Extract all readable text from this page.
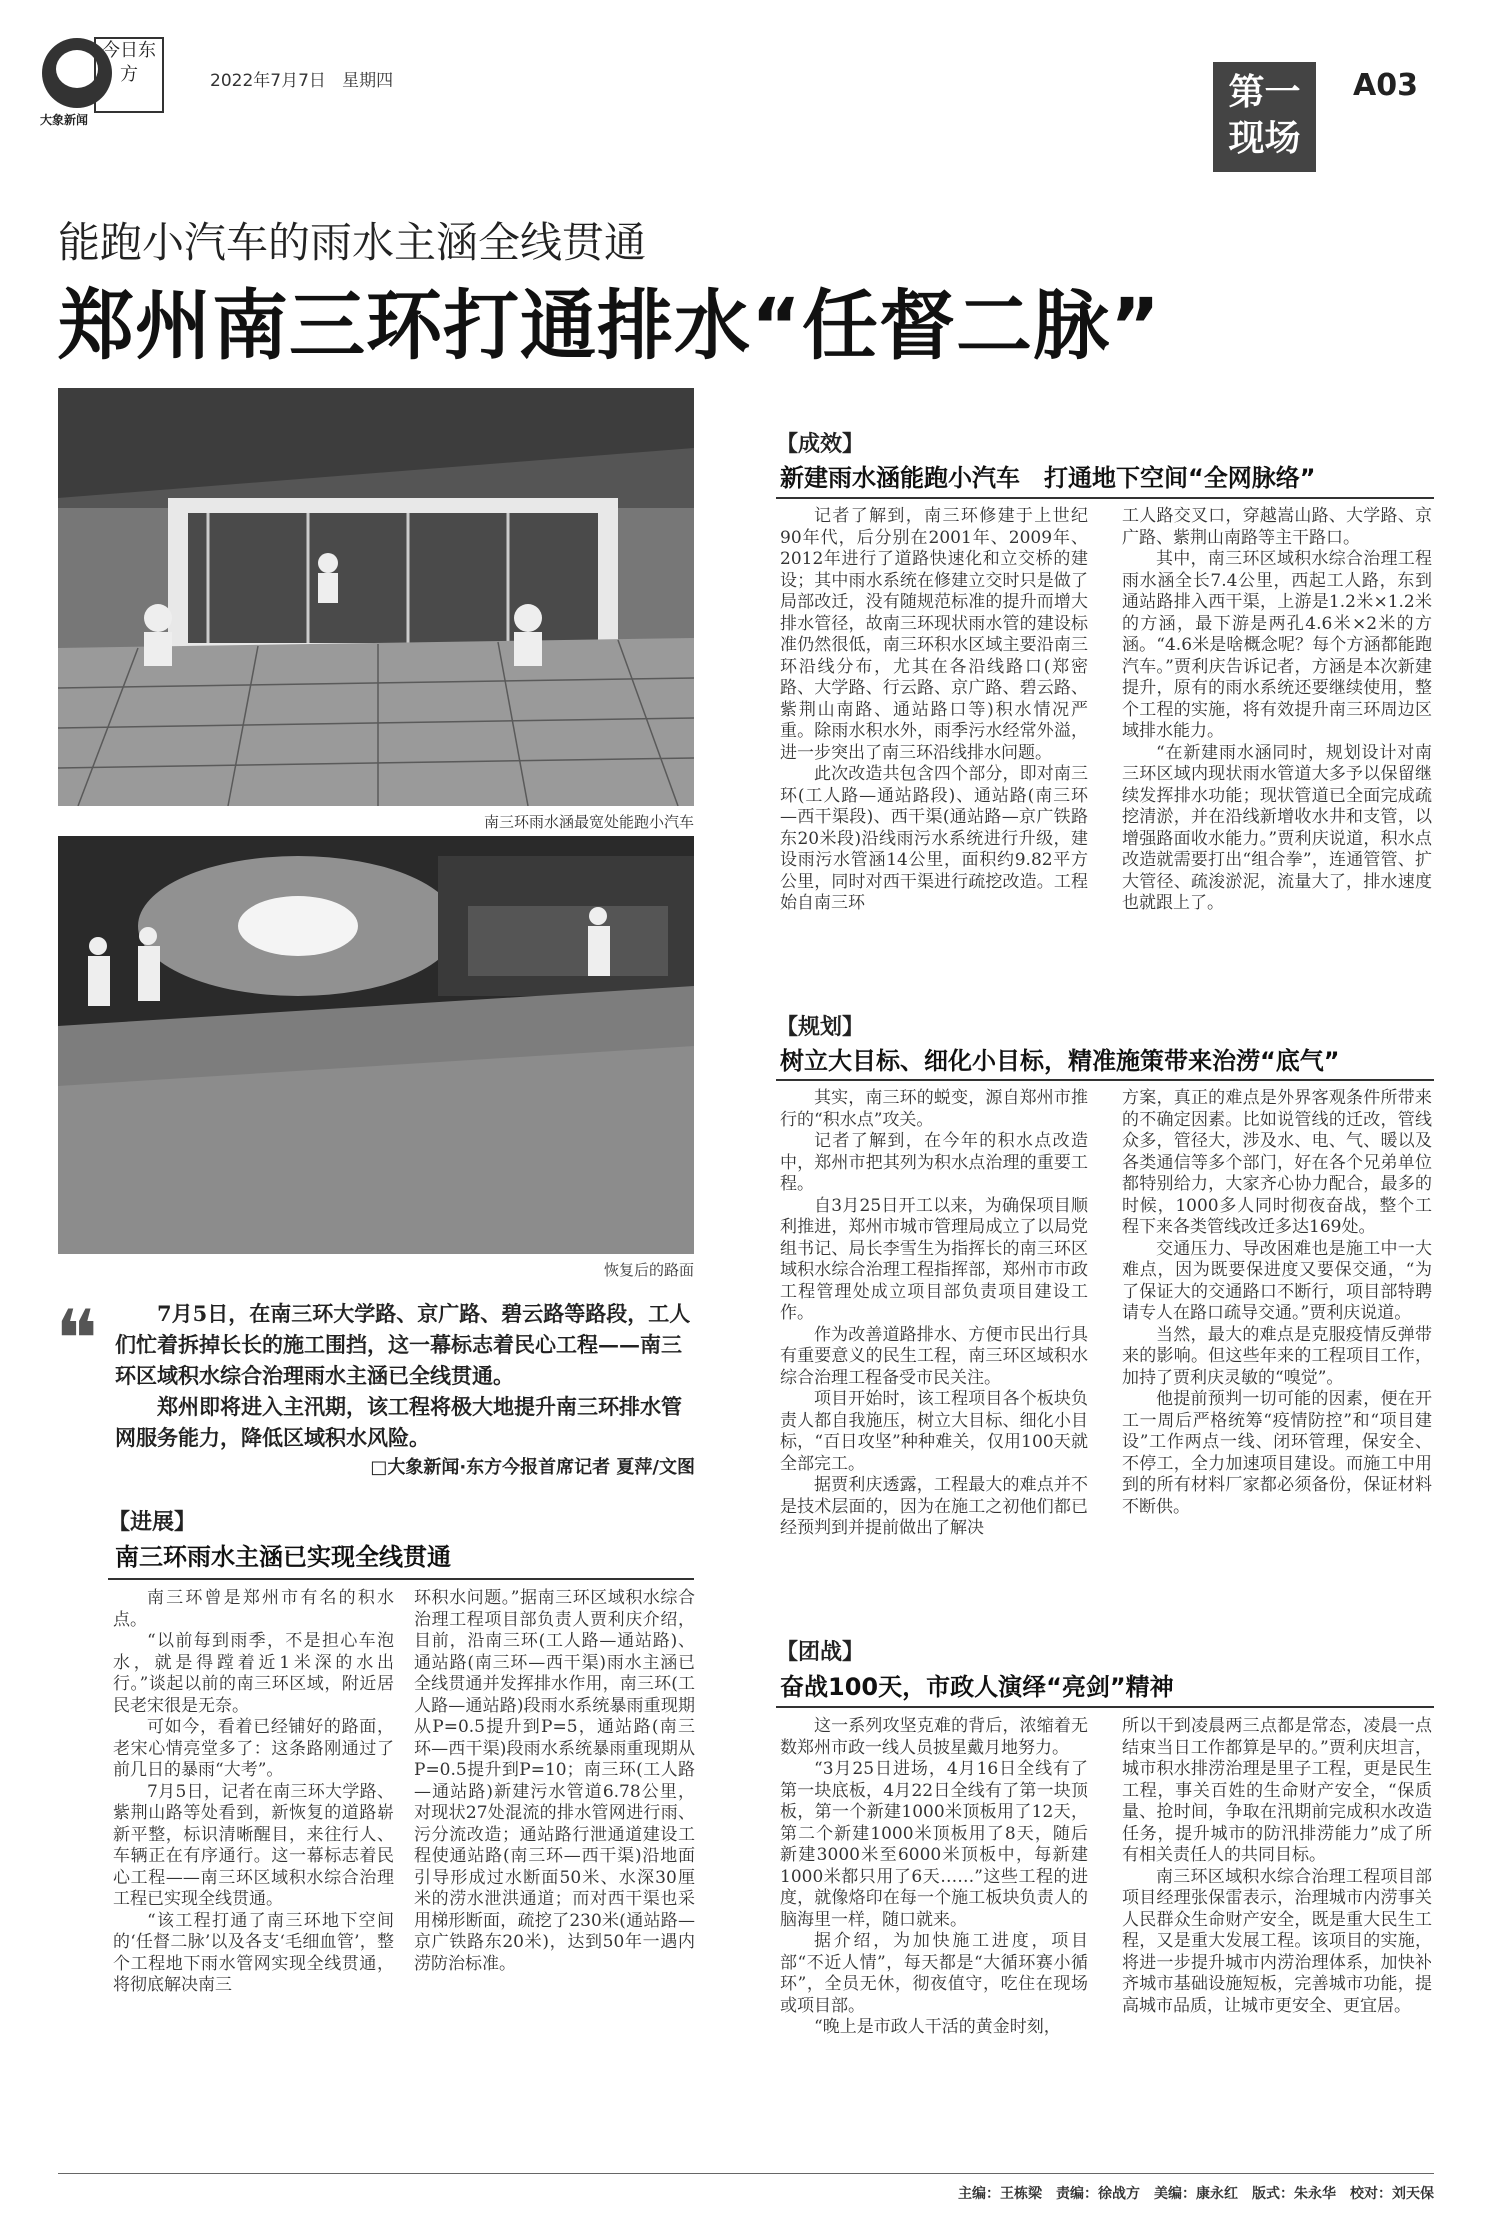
大象新闻
今日东方	2022年7月7日 星期四	第一
现场
A03
能跑小汽车的雨水主涵全线贯通
郑州南三环打通排水“任督二脉”
南三环雨水涵最宽处能跑小汽车
恢复后的路面
❝	7月5日，在南三环大学路、京广路、碧云路等路段，工人们忙着拆掉长长的施工围挡，这一幕标志着民心工程——南三环区域积水综合治理雨水主涵已全线贯通。
郑州即将进入主汛期，该工程将极大地提升南三环排水管网服务能力，降低区域积水风险。
□大象新闻·东方今报首席记者 夏萍/文图
【进展】
南三环雨水主涵已实现全线贯通

南三环曾是郑州市有名的积水点。

“以前每到雨季，不是担心车泡水，就是得蹚着近1米深的水出行。”谈起以前的南三环区域，附近居民老宋很是无奈。

可如今，看着已经铺好的路面，老宋心情亮堂多了：这条路刚通过了前几日的暴雨“大考”。

7月5日，记者在南三环大学路、紫荆山路等处看到，新恢复的道路崭新平整，标识清晰醒目，来往行人、车辆正在有序通行。这一幕标志着民心工程——南三环区域积水综合治理工程已实现全线贯通。

“该工程打通了南三环地下空间的‘任督二脉’以及各支‘毛细血管’，整个工程地下雨水管网实现全线贯通，将彻底解决南三

环积水问题。”据南三环区域积水综合治理工程项目部负责人贾利庆介绍，目前，沿南三环(工人路—通站路)、通站路(南三环—西干渠)雨水主涵已全线贯通并发挥排水作用，南三环(工人路—通站路)段雨水系统暴雨重现期从P=0.5提升到P=5，通站路(南三环—西干渠)段雨水系统暴雨重现期从P=0.5提升到P=10；南三环(工人路—通站路)新建污水管道6.78公里，对现状27处混流的排水管网进行雨、污分流改造；通站路行泄通道建设工程使通站路(南三环—西干渠)沿地面引导形成过水断面50米、水深30厘米的涝水泄洪通道；而对西干渠也采用梯形断面，疏挖了230米(通站路—京广铁路东20米)，达到50年一遇内涝防治标准。

【成效】
新建雨水涵能跑小汽车　打通地下空间“全网脉络”

记者了解到，南三环修建于上世纪90年代，后分别在2001年、2009年、2012年进行了道路快速化和立交桥的建设；其中雨水系统在修建立交时只是做了局部改迁，没有随规范标准的提升而增大排水管径，故南三环现状雨水管的建设标准仍然很低，南三环积水区域主要沿南三环沿线分布，尤其在各沿线路口(郑密路、大学路、行云路、京广路、碧云路、紫荆山南路、通站路口等)积水情况严重。除雨水积水外，雨季污水经常外溢，进一步突出了南三环沿线排水问题。

此次改造共包含四个部分，即对南三环(工人路—通站路段)、通站路(南三环—西干渠段)、西干渠(通站路—京广铁路东20米段)沿线雨污水系统进行升级，建设雨污水管涵14公里，面积约9.82平方公里，同时对西干渠进行疏挖改造。工程始自南三环

工人路交叉口，穿越嵩山路、大学路、京广路、紫荆山南路等主干路口。

其中，南三环区域积水综合治理工程雨水涵全长7.4公里，西起工人路，东到通站路排入西干渠，上游是1.2米×1.2米的方涵，最下游是两孔4.6米×2米的方涵。“4.6米是啥概念呢？每个方涵都能跑汽车。”贾利庆告诉记者，方涵是本次新建提升，原有的雨水系统还要继续使用，整个工程的实施，将有效提升南三环周边区域排水能力。

“在新建雨水涵同时，规划设计对南三环区域内现状雨水管道大多予以保留继续发挥排水功能；现状管道已全面完成疏挖清淤，并在沿线新增收水井和支管，以增强路面收水能力。”贾利庆说道，积水点改造就需要打出“组合拳”，连通管管、扩大管径、疏浚淤泥，流量大了，排水速度也就跟上了。

【规划】
树立大目标、细化小目标，精准施策带来治涝“底气”

其实，南三环的蜕变，源自郑州市推行的“积水点”攻关。

记者了解到，在今年的积水点改造中，郑州市把其列为积水点治理的重要工程。

自3月25日开工以来，为确保项目顺利推进，郑州市城市管理局成立了以局党组书记、局长李雪生为指挥长的南三环区域积水综合治理工程指挥部，郑州市市政工程管理处成立项目部负责项目建设工作。

作为改善道路排水、方便市民出行具有重要意义的民生工程，南三环区域积水综合治理工程备受市民关注。

项目开始时，该工程项目各个板块负责人都自我施压，树立大目标、细化小目标，“百日攻坚”种种难关，仅用100天就全部完工。

据贾利庆透露，工程最大的难点并不是技术层面的，因为在施工之初他们都已经预判到并提前做出了解决

方案，真正的难点是外界客观条件所带来的不确定因素。比如说管线的迁改，管线众多，管径大，涉及水、电、气、暖以及各类通信等多个部门，好在各个兄弟单位都特别给力，大家齐心协力配合，最多的时候，1000多人同时彻夜奋战，整个工程下来各类管线改迁多达169处。

交通压力、导改困难也是施工中一大难点，因为既要保进度又要保交通，“为了保证大的交通路口不断行，项目部特聘请专人在路口疏导交通。”贾利庆说道。

当然，最大的难点是克服疫情反弹带来的影响。但这些年来的工程项目工作，加持了贾利庆灵敏的“嗅觉”。

他提前预判一切可能的因素，便在开工一周后严格统筹“疫情防控”和“项目建设”工作两点一线、闭环管理，保安全、不停工，全力加速项目建设。而施工中用到的所有材料厂家都必须备份，保证材料不断供。

【团战】
奋战100天，市政人演绎“亮剑”精神

这一系列攻坚克难的背后，浓缩着无数郑州市政一线人员披星戴月地努力。

“3月25日进场，4月16日全线有了第一块底板，4月22日全线有了第一块顶板，第一个新建1000米顶板用了12天，第二个新建1000米顶板用了8天，随后新建3000米至6000米顶板中，每新建1000米都只用了6天……”这些工程的进度，就像烙印在每一个施工板块负责人的脑海里一样，随口就来。

据介绍，为加快施工进度，项目部“不近人情”，每天都是“大循环赛小循环”，全员无休，彻夜值守，吃住在现场或项目部。

“晚上是市政人干活的黄金时刻，

所以干到凌晨两三点都是常态，凌晨一点结束当日工作都算是早的。”贾利庆坦言，城市积水排涝治理是里子工程，更是民生工程，事关百姓的生命财产安全，“保质量、抢时间，争取在汛期前完成积水改造任务，提升城市的防汛排涝能力”成了所有相关责任人的共同目标。

南三环区域积水综合治理工程项目部项目经理张保雷表示，治理城市内涝事关人民群众生命财产安全，既是重大民生工程，又是重大发展工程。该项目的实施，将进一步提升城市内涝治理体系，加快补齐城市基础设施短板，完善城市功能，提高城市品质，让城市更安全、更宜居。

主编：王栋梁　责编：徐战方　美编：康永红　版式：朱永华　校对：刘天保
